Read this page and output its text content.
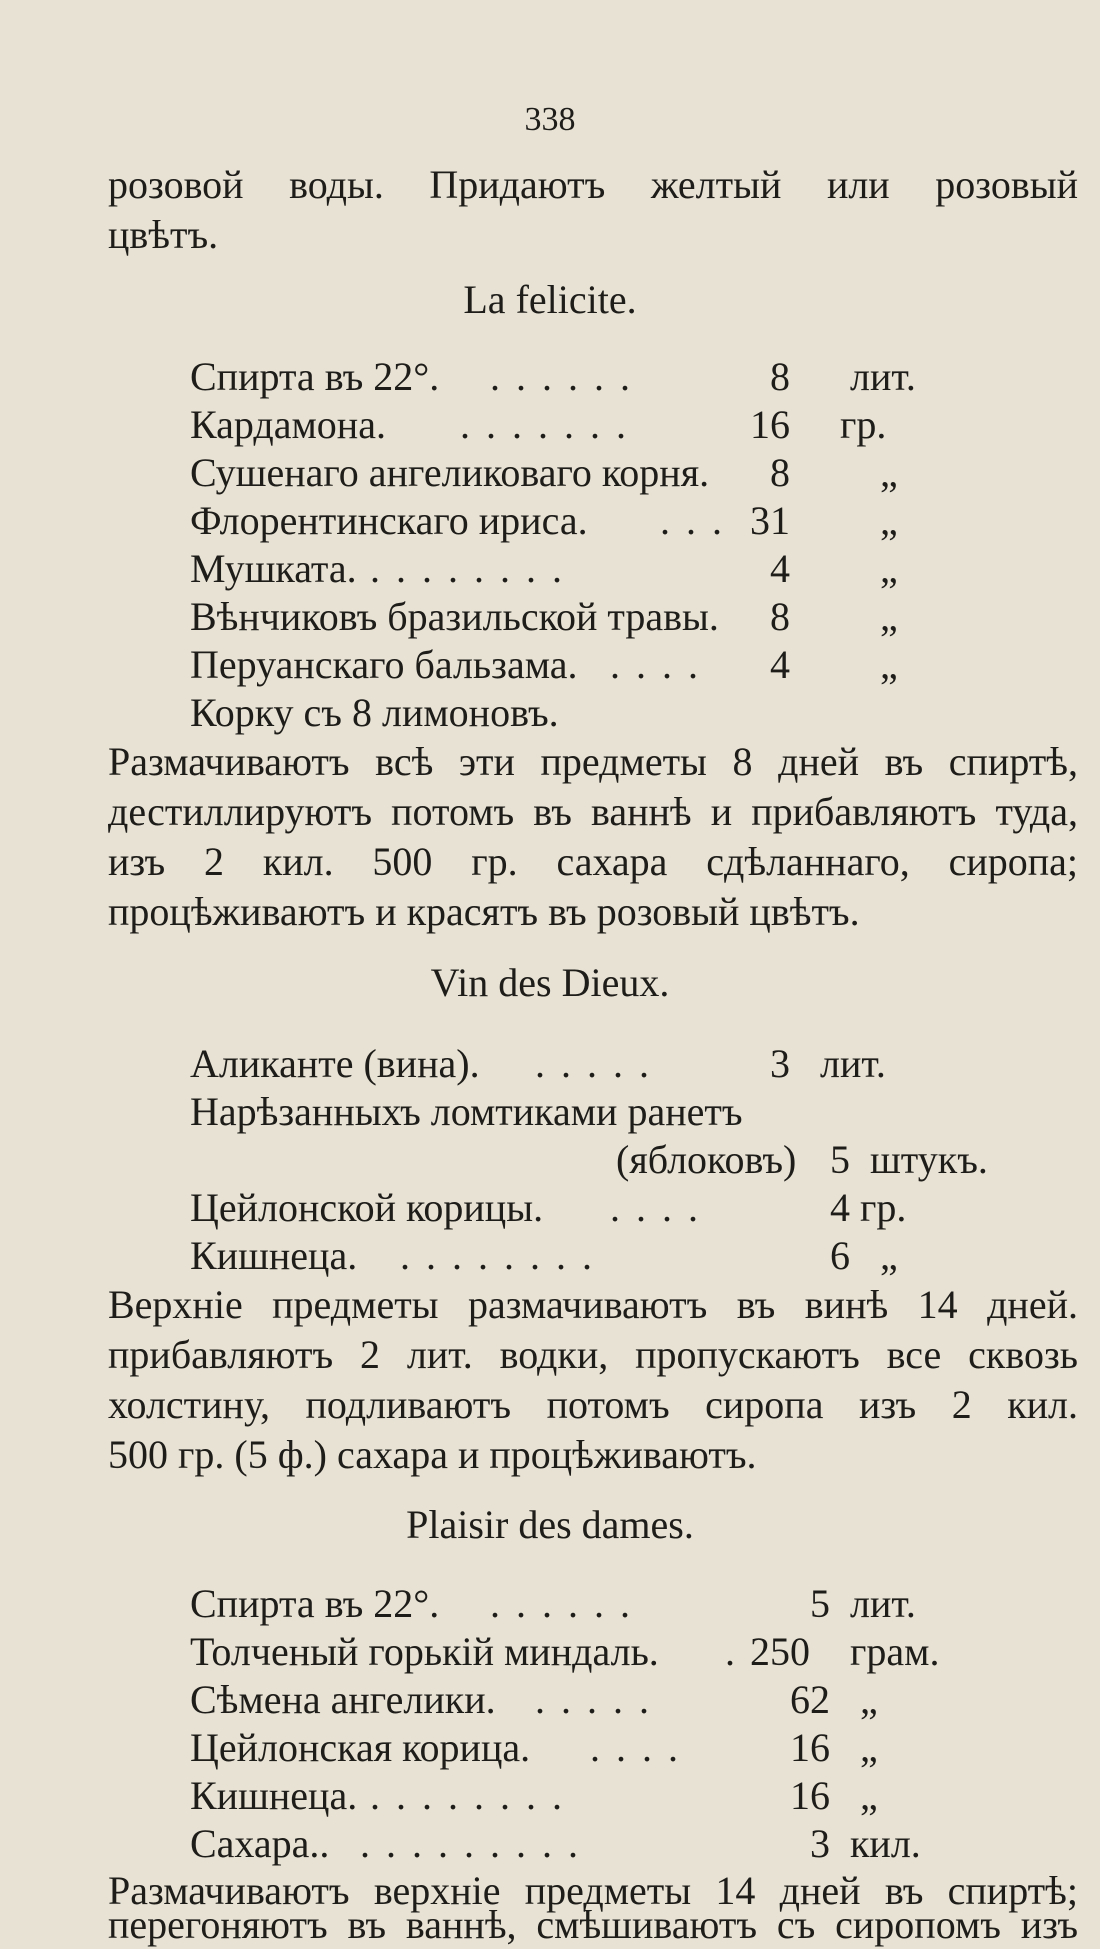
338

розовой воды. Придаютъ желтый или розовый

цвѣтъ.

La felicite.
Спирта въ 22°. . . . . . .	8 лит.
Кардамона. . . . . . . .	16 гр.
Сушенаго ангеликоваго корня. 8 „
Флорентинскаго ириса. . . . 31 „
Мушката. . . . . . . . .	4 „
Вѣнчиковъ бразильской травы. 8 „
Перуанскаго бальзама. . . . . 4 „
Корку съ 8 лимоновъ.

Размачиваютъ всѣ эти предметы 8 дней въ спиртѣ,

дестиллируютъ потомъ въ ваннѣ и прибавляютъ туда,

изъ 2 кил. 500 гр. сахара сдѣланнаго, сиропа;

процѣживаютъ и красятъ въ розовый цвѣтъ.

Vin des Dieux.
Аликанте (вина). . . . . .	3 лит.
Нарѣзанныхъ ломтиками ранетъ
(яблоковъ) 5 штукъ.
Цейлонской корицы. . . . .	4 гр.
Кишнеца. . . . . . . . .	6 „

Верхніе предметы размачиваютъ въ винѣ 14 дней.

прибавляютъ 2 лит. водки, пропускаютъ все сквозь

холстину, подливаютъ потомъ сиропа изъ 2 кил.

500 гр. (5 ф.) сахара и процѣживаютъ.

Plaisir des dames.
Спирта въ 22°. . . . . . .	5 лит.
Толченый горькій миндаль. . 250 грам.
Сѣмена ангелики. . . . . .	62 „
Цейлонская корица. . . . .	16 „
Кишнеца. . . . . . . . .	16 „
Сахара.. . . . . . . . . .	3 кил.

Размачиваютъ верхніе предметы 14 дней въ спиртѣ;

перегоняютъ въ ваннѣ, смѣшиваютъ съ сиропомъ изъ
